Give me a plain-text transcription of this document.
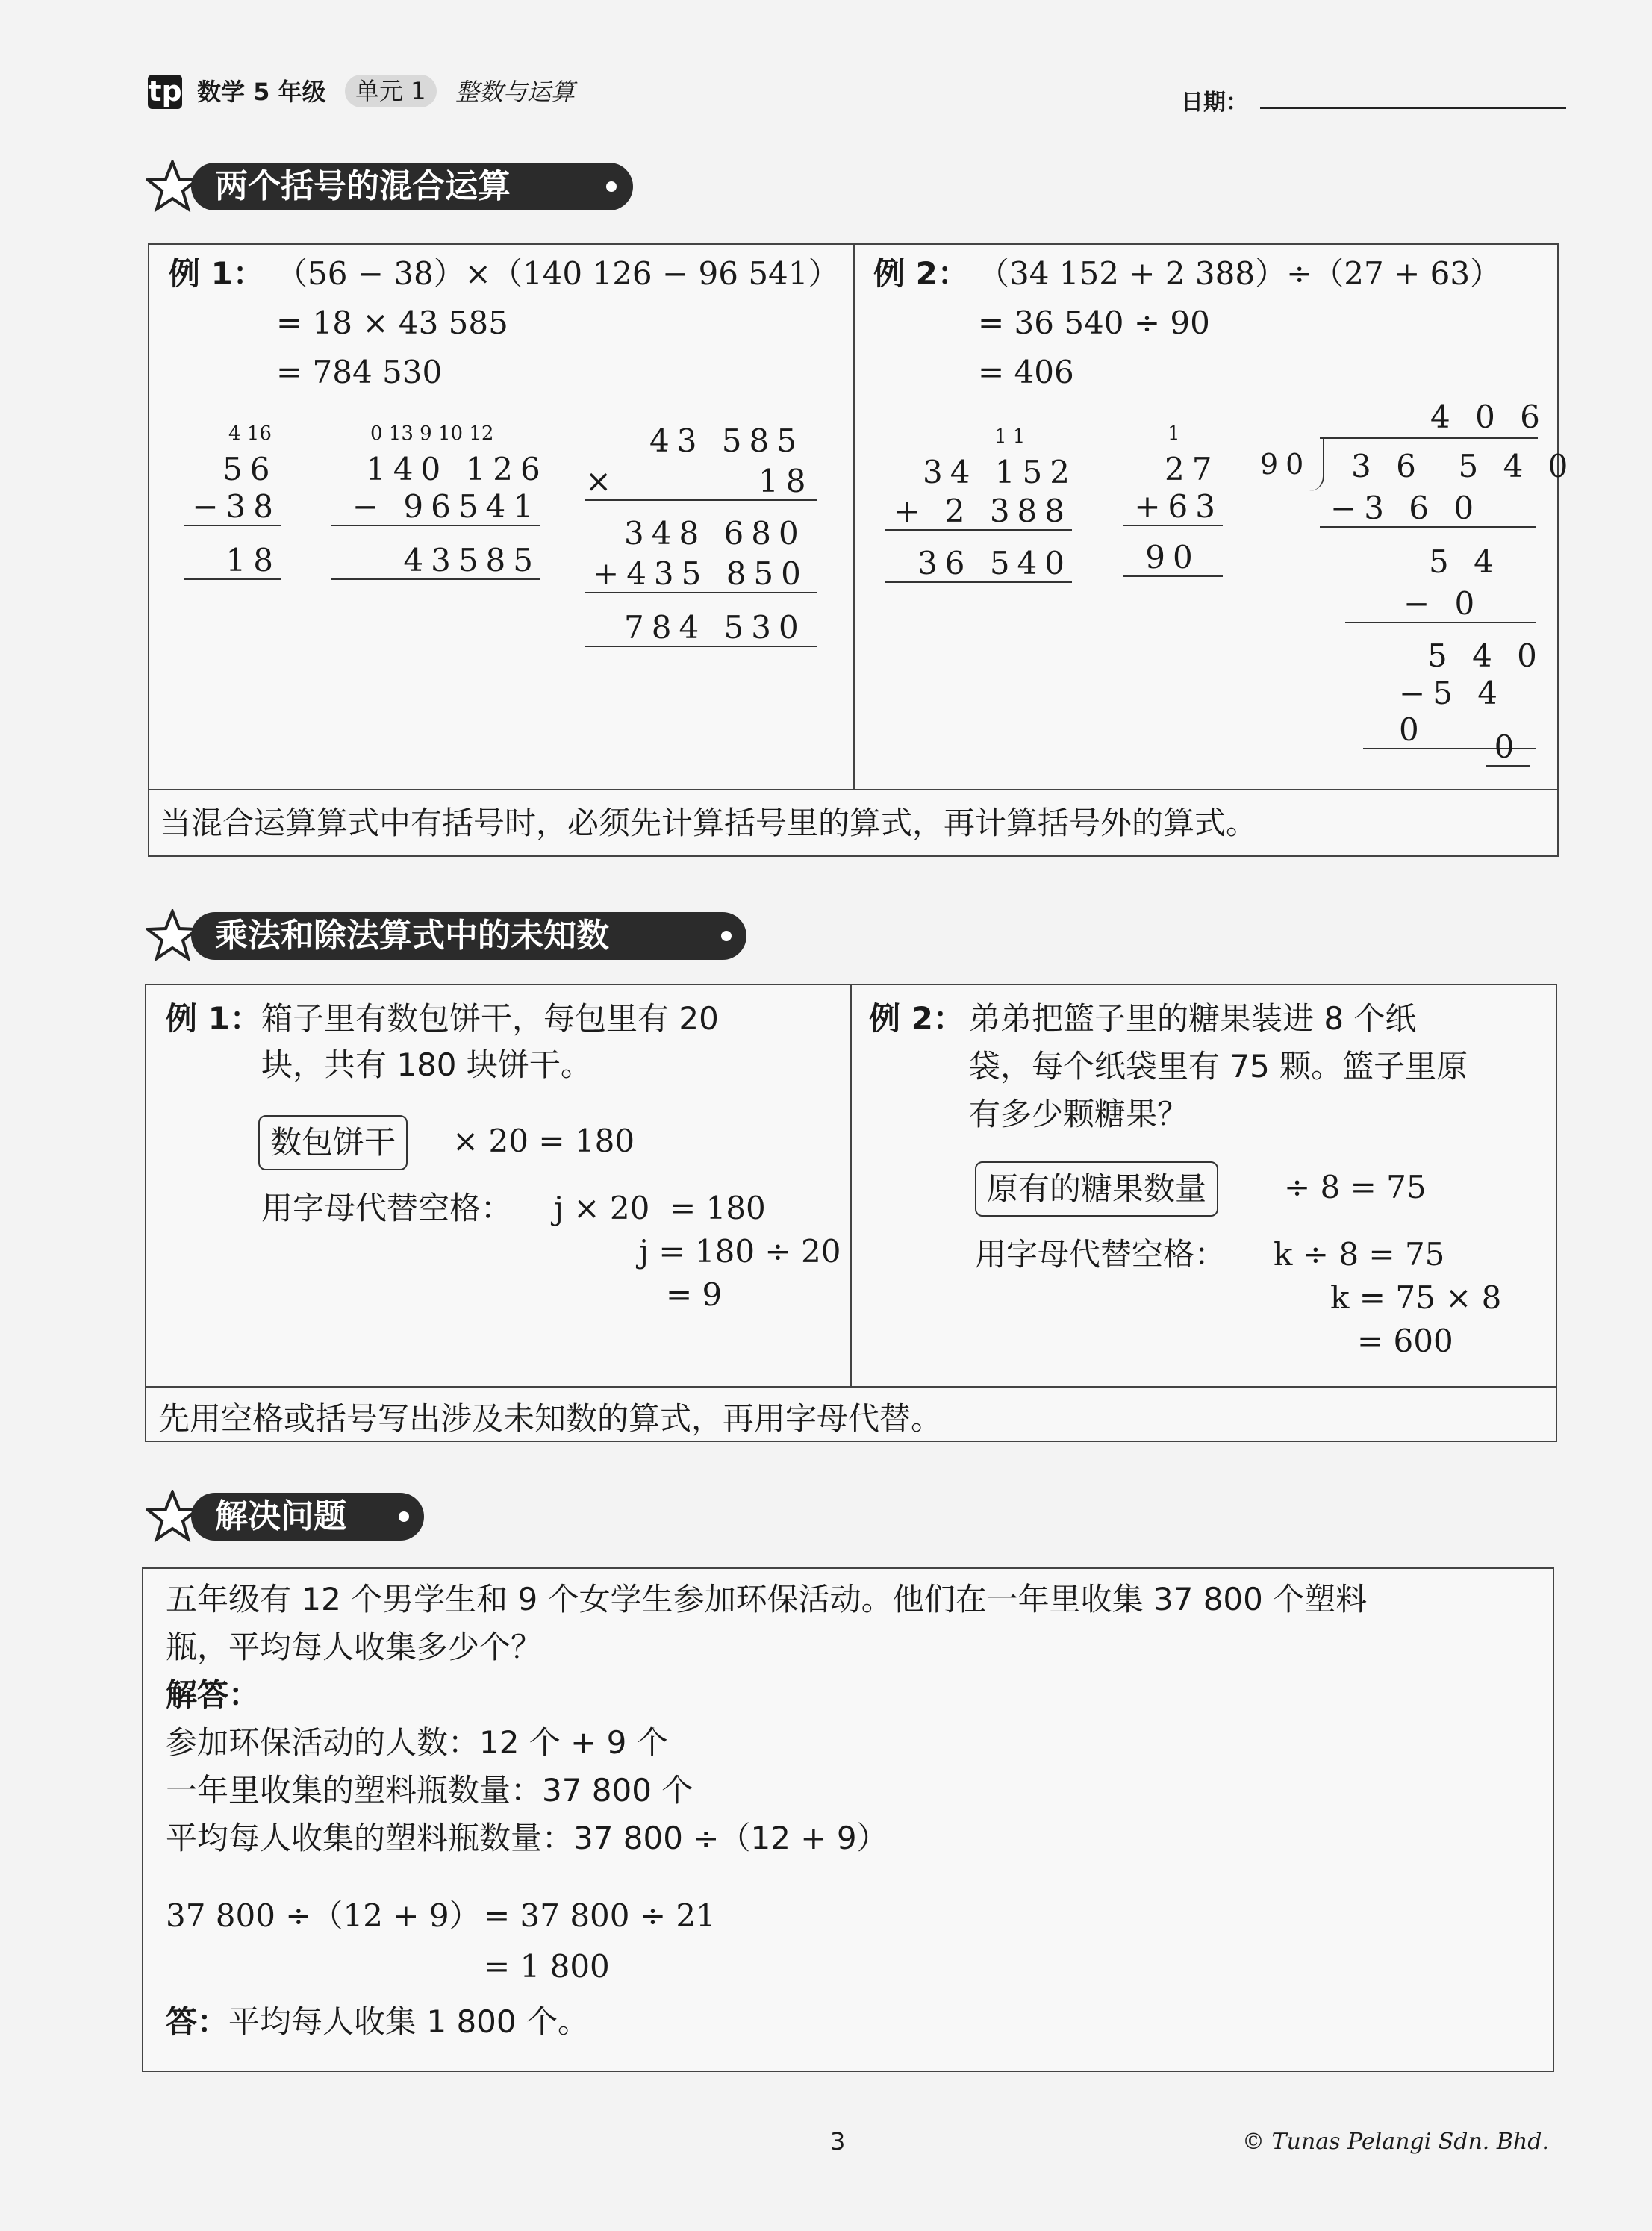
tp 数学 5 年级	单元 1	整数与运算	日期：
两个括号的混合运算
例 1： （56 − 38）×（140 126 − 96 541）
= 18 × 43 585
= 784 530
4 16
56
−38
18
0 13 9 10 12
140 126
− 96541
43585
43 585
×        18
348 680
+435 850
784 530
例 2： （34 152 + 2 388）÷（27 + 63）
= 36 540 ÷ 90
= 406
1 1
34 152
+ 2 388
36 540
1
27
+63
90
4 0 6
90 3 6  5 4 0
−3 6 0
5 4
− 0
5 4 0
−5 4 0	0
当混合运算算式中有括号时，必须先计算括号里的算式，再计算括号外的算式。
乘法和除法算式中的未知数
例 1： 箱子里有数包饼干，每包里有 20
块，共有 180 块饼干。
数包饼干	× 20 = 180
用字母代替空格： j × 20  = 180
j = 180 ÷ 20
= 9
例 2： 弟弟把篮子里的糖果装进 8 个纸
袋，每个纸袋里有 75 颗。篮子里原
有多少颗糖果？
原有的糖果数量	÷ 8 = 75
用字母代替空格： k ÷ 8 = 75
k = 75 × 8
= 600
先用空格或括号写出涉及未知数的算式，再用字母代替。
解决问题
五年级有 12 个男学生和 9 个女学生参加环保活动。他们在一年里收集 37 800 个塑料
瓶，平均每人收集多少个？
解答：
参加环保活动的人数：12 个 + 9 个
一年里收集的塑料瓶数量：37 800 个
平均每人收集的塑料瓶数量：37 800 ÷（12 + 9）
37 800 ÷（12 + 9） = 37 800 ÷ 21
= 1 800
答：平均每人收集 1 800 个。
3	© Tunas Pelangi Sdn. Bhd.
